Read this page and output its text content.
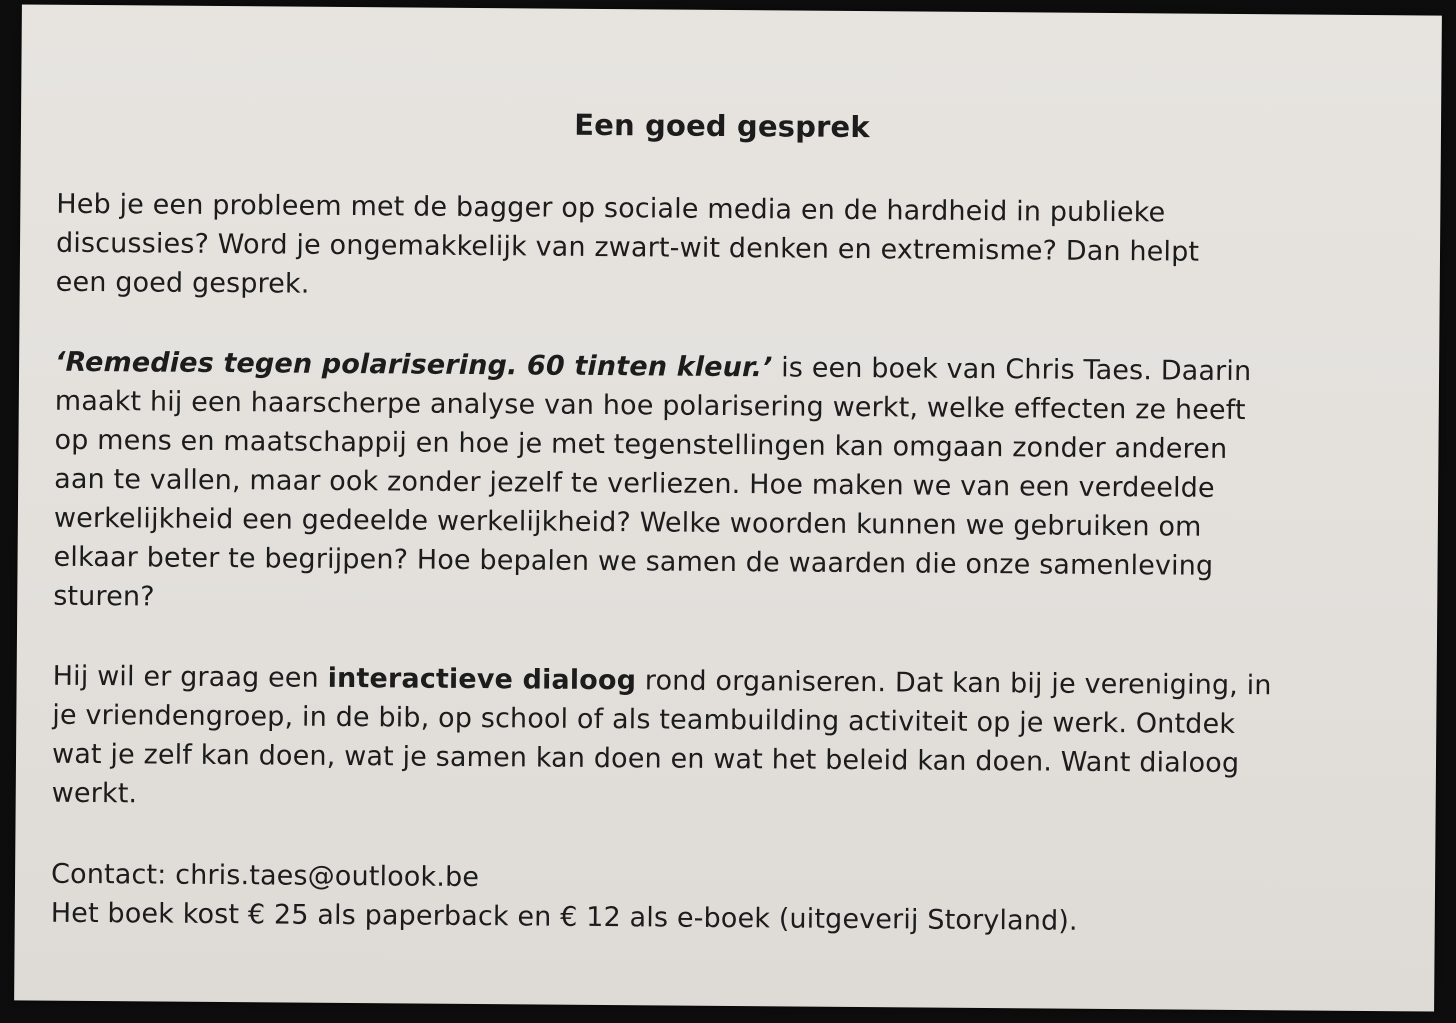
Een goed gesprek
Heb je een probleem met de bagger op sociale media en de hardheid in publieke
discussies? Word je ongemakkelijk van zwart-wit denken en extremisme? Dan helpt
een goed gesprek.
‘Remedies tegen polarisering. 60 tinten kleur.’ is een boek van Chris Taes. Daarin
maakt hij een haarscherpe analyse van hoe polarisering werkt, welke effecten ze heeft
op mens en maatschappij en hoe je met tegenstellingen kan omgaan zonder anderen
aan te vallen, maar ook zonder jezelf te verliezen. Hoe maken we van een verdeelde
werkelijkheid een gedeelde werkelijkheid? Welke woorden kunnen we gebruiken om
elkaar beter te begrijpen? Hoe bepalen we samen de waarden die onze samenleving
sturen?
Hij wil er graag een interactieve dialoog rond organiseren. Dat kan bij je vereniging, in
je vriendengroep, in de bib, op school of als teambuilding activiteit op je werk. Ontdek
wat je zelf kan doen, wat je samen kan doen en wat het beleid kan doen. Want dialoog
werkt.
Contact: chris.taes@outlook.be
Het boek kost € 25 als paperback en € 12 als e-boek (uitgeverij Storyland).
